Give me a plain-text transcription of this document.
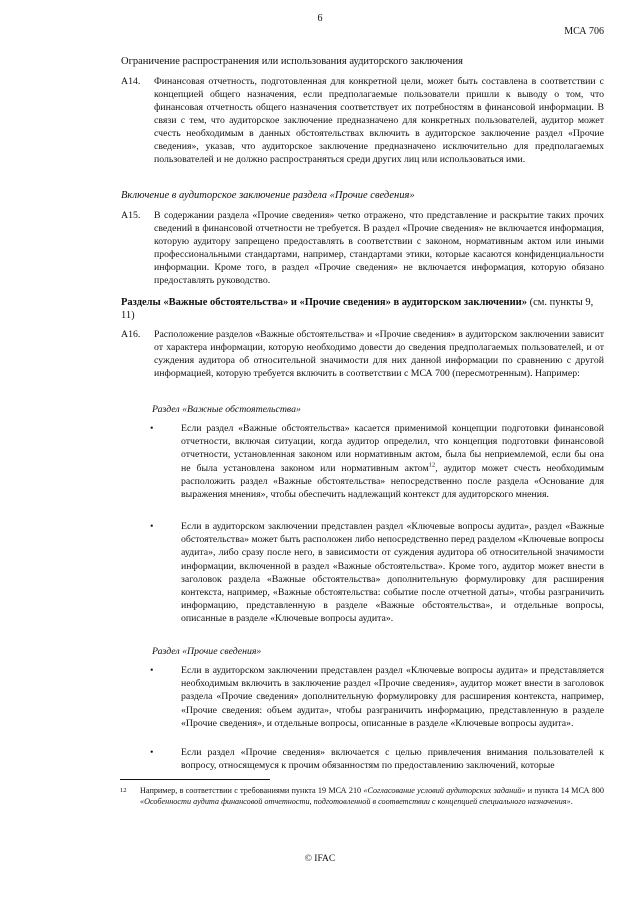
6
МСА 706
Ограничение распространения или использования аудиторского заключения
A14. Финансовая отчетность, подготовленная для конкретной цели, может быть составлена в соответствии с концепцией общего назначения, если предполагаемые пользователи пришли к выводу о том, что финансовая отчетность общего назначения соответствует их потребностям в финансовой информации. В связи с тем, что аудиторское заключение предназначено для конкретных пользователей, аудитор может счесть необходимым в данных обстоятельствах включить в аудиторское заключение раздел «Прочие сведения», указав, что аудиторское заключение предназначено исключительно для предполагаемых пользователей и не должно распространяться среди других лиц или использоваться ими.
Включение в аудиторское заключение раздела «Прочие сведения»
A15. В содержании раздела «Прочие сведения» четко отражено, что представление и раскрытие таких прочих сведений в финансовой отчетности не требуется. В раздел «Прочие сведения» не включается информация, которую аудитору запрещено предоставлять в соответствии с законом, нормативным актом или иными профессиональными стандартами, например, стандартами этики, которые касаются конфиденциальности информации. Кроме того, в раздел «Прочие сведения» не включается информация, которую обязано предоставлять руководство.
Разделы «Важные обстоятельства» и «Прочие сведения» в аудиторском заключении» (см. пункты 9, 11)
A16. Расположение разделов «Важные обстоятельства» и «Прочие сведения» в аудиторском заключении зависит от характера информации, которую необходимо довести до сведения предполагаемых пользователей, и от суждения аудитора об относительной значимости для них данной информации по сравнению с другой информацией, которую требуется включить в соответствии с МСА 700 (пересмотренным). Например:
Раздел «Важные обстоятельства»
•	Если раздел «Важные обстоятельства» касается применимой концепции подготовки финансовой отчетности, включая ситуации, когда аудитор определил, что концепция подготовки финансовой отчетности, установленная законом или нормативным актом, была бы неприемлемой, если бы она не была установлена законом или нормативным актом$^{12}$, аудитор может счесть необходимым расположить раздел «Важные обстоятельства» непосредственно после раздела «Основание для выражения мнения», чтобы обеспечить надлежащий контекст для аудиторского мнения.
•	Если в аудиторском заключении представлен раздел «Ключевые вопросы аудита», раздел «Важные обстоятельства» может быть расположен либо непосредственно перед разделом «Ключевые вопросы аудита», либо сразу после него, в зависимости от суждения аудитора об относительной значимости информации, включенной в раздел «Важные обстоятельства». Кроме того, аудитор может внести в заголовок раздела «Важные обстоятельства» дополнительную формулировку для расширения контекста, например, «Важные обстоятельства: событие после отчетной даты», чтобы разграничить информацию, представленную в разделе «Важные обстоятельства», и отдельные вопросы, описанные в разделе «Ключевые вопросы аудита».
Раздел «Прочие сведения»
•	Если в аудиторском заключении представлен раздел «Ключевые вопросы аудита» и представляется необходимым включить в заключение раздел «Прочие сведения», аудитор может внести в заголовок раздела «Прочие сведения» дополнительную формулировку для расширения контекста, например, «Прочие сведения: объем аудита», чтобы разграничить информацию, представленную в разделе «Прочие сведения», и отдельные вопросы, описанные в разделе «Ключевые вопросы аудита».
•	Если раздел «Прочие сведения» включается с целью привлечения внимания пользователей к вопросу, относящемуся к прочим обязанностям по предоставлению заключений, которые
12 Например, в соответствии с требованиями пункта 19 МСА 210 «Согласование условий аудиторских заданий» и пункта 14 МСА 800 «Особенности аудита финансовой отчетности, подготовленной в соответствии с концепцией специального назначения».
© IFAC
